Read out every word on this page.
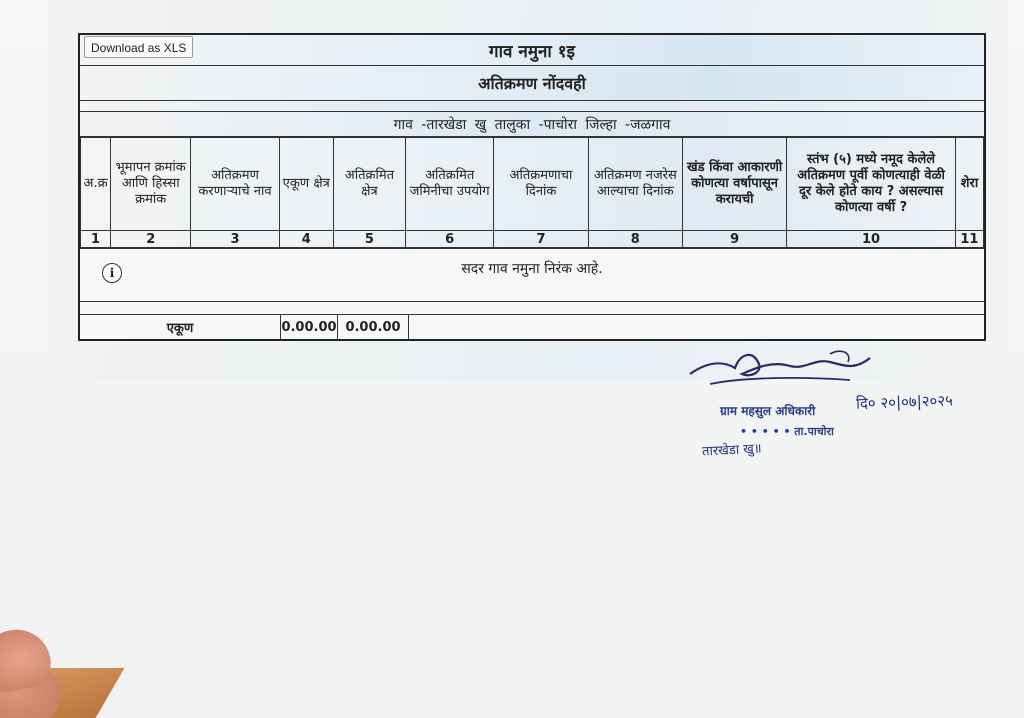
Download as XLS	गाव नमुना १इ
अतिक्रमण नोंदवही
गाव -तारखेडा खु तालुका -पाचोरा जिल्हा -जळगाव
अ.क्र	भूमापन क्रमांक आणि हिस्सा क्रमांक	अतिक्रमण करणाऱ्याचे नाव	एकूण क्षेत्र	अतिक्रमित क्षेत्र	अतिक्रमित जमिनीचा उपयोग	अतिक्रमणाचा दिनांक	अतिक्रमण नजरेस आल्याचा दिनांक	खंड किंवा आकारणी कोणत्या वर्षापासून करायची	स्तंभ (५) मध्ये नमूद केलेले अतिक्रमण पूर्वी कोणत्याही वेळी दूर केले होते काय ? असल्यास कोणत्या वर्षी ?	शेरा
1	2	3	4	5	6	7	8	9	10	11
i	सदर गाव नमुना निरंक आहे.
एकूण	0.00.00 0.00.00
ग्राम महसुल अधिकारी	दि० २०|०७|२०२५
• • • • • ता.पाचोरा
तारखेडा खु॥
